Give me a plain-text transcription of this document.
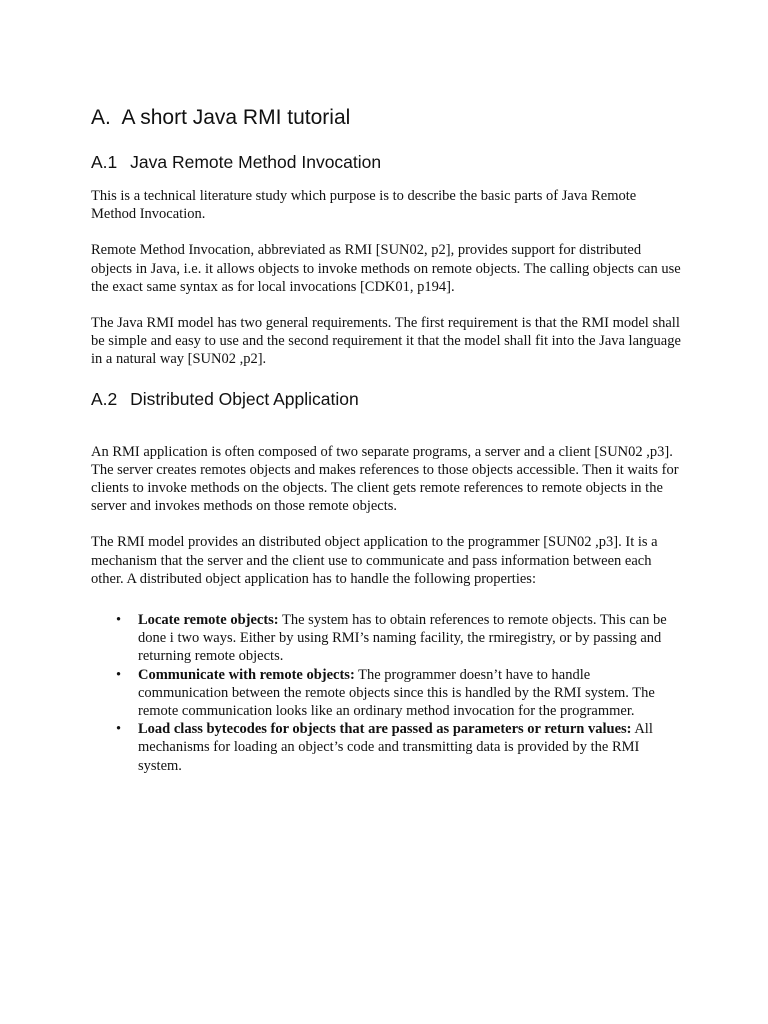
A. A short Java RMI tutorial
A.1 Java Remote Method Invocation

This is a technical literature study which purpose is to describe the basic parts of Java Remote Method Invocation.

Remote Method Invocation, abbreviated as RMI [SUN02, p2], provides support for distributed objects in Java, i.e. it allows objects to invoke methods on remote objects. The calling objects can use the exact same syntax as for local invocations [CDK01, p194].

The Java RMI model has two general requirements. The first requirement is that the RMI model shall be simple and easy to use and the second requirement it that the model shall fit into the Java language in a natural way [SUN02 ,p2].

A.2 Distributed Object Application

An RMI application is often composed of two separate programs, a server and a client [SUN02 ,p3]. The server creates remotes objects and makes references to those objects accessible. Then it waits for clients to invoke methods on the objects. The client gets remote references to remote objects in the server and invokes methods on those remote objects.

The RMI model provides an distributed object application to the programmer [SUN02 ,p3]. It is a mechanism that the server and the client use to communicate and pass information between each other. A distributed object application has to handle the following properties:

• Locate remote objects: The system has to obtain references to remote objects. This can be done i two ways. Either by using RMI’s naming facility, the rmiregistry, or by passing and returning remote objects.
• Communicate with remote objects: The programmer doesn’t have to handle communication between the remote objects since this is handled by the RMI system. The remote communication looks like an ordinary method invocation for the programmer.
• Load class bytecodes for objects that are passed as parameters or return values: All mechanisms for loading an object’s code and transmitting data is provided by the RMI system.
